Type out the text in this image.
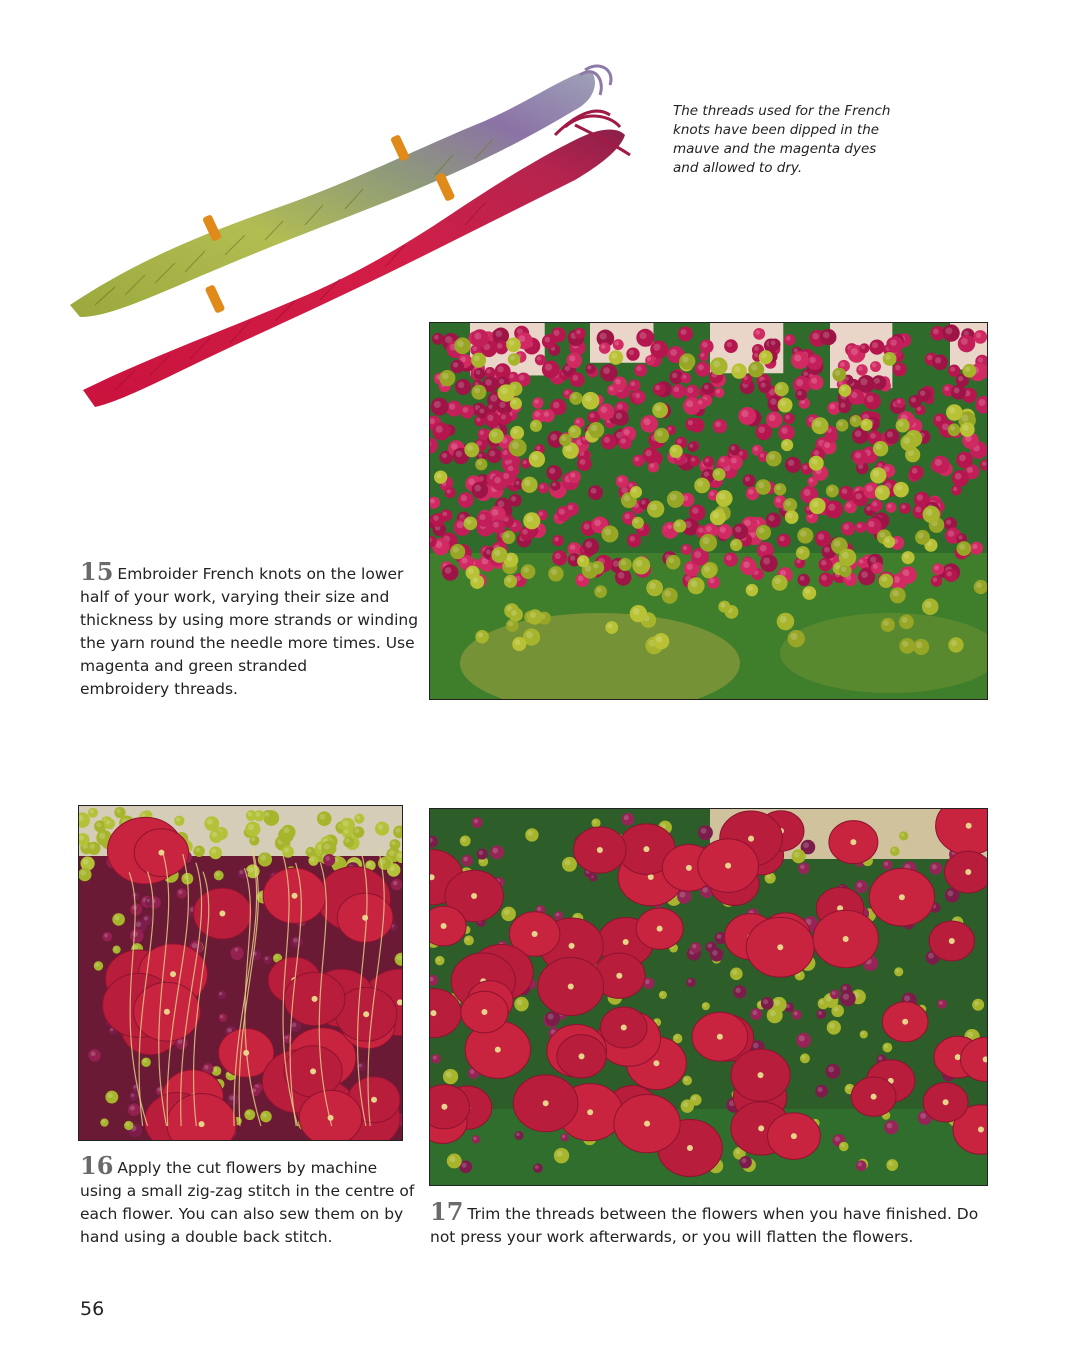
The threads used for the French
knots have been dipped in the
mauve and the magenta dyes
and allowed to dry.
15 Embroider French knots on the lower
half of your work, varying their size and
thickness by using more strands or winding
the yarn round the needle more times. Use
magenta and green stranded
embroidery threads.
16 Apply the cut flowers by machine
using a small zig-zag stitch in the centre of
each flower. You can also sew them on by
hand using a double back stitch.
17 Trim the threads between the flowers when you have finished. Do
not press your work afterwards, or you will flatten the flowers.
56
